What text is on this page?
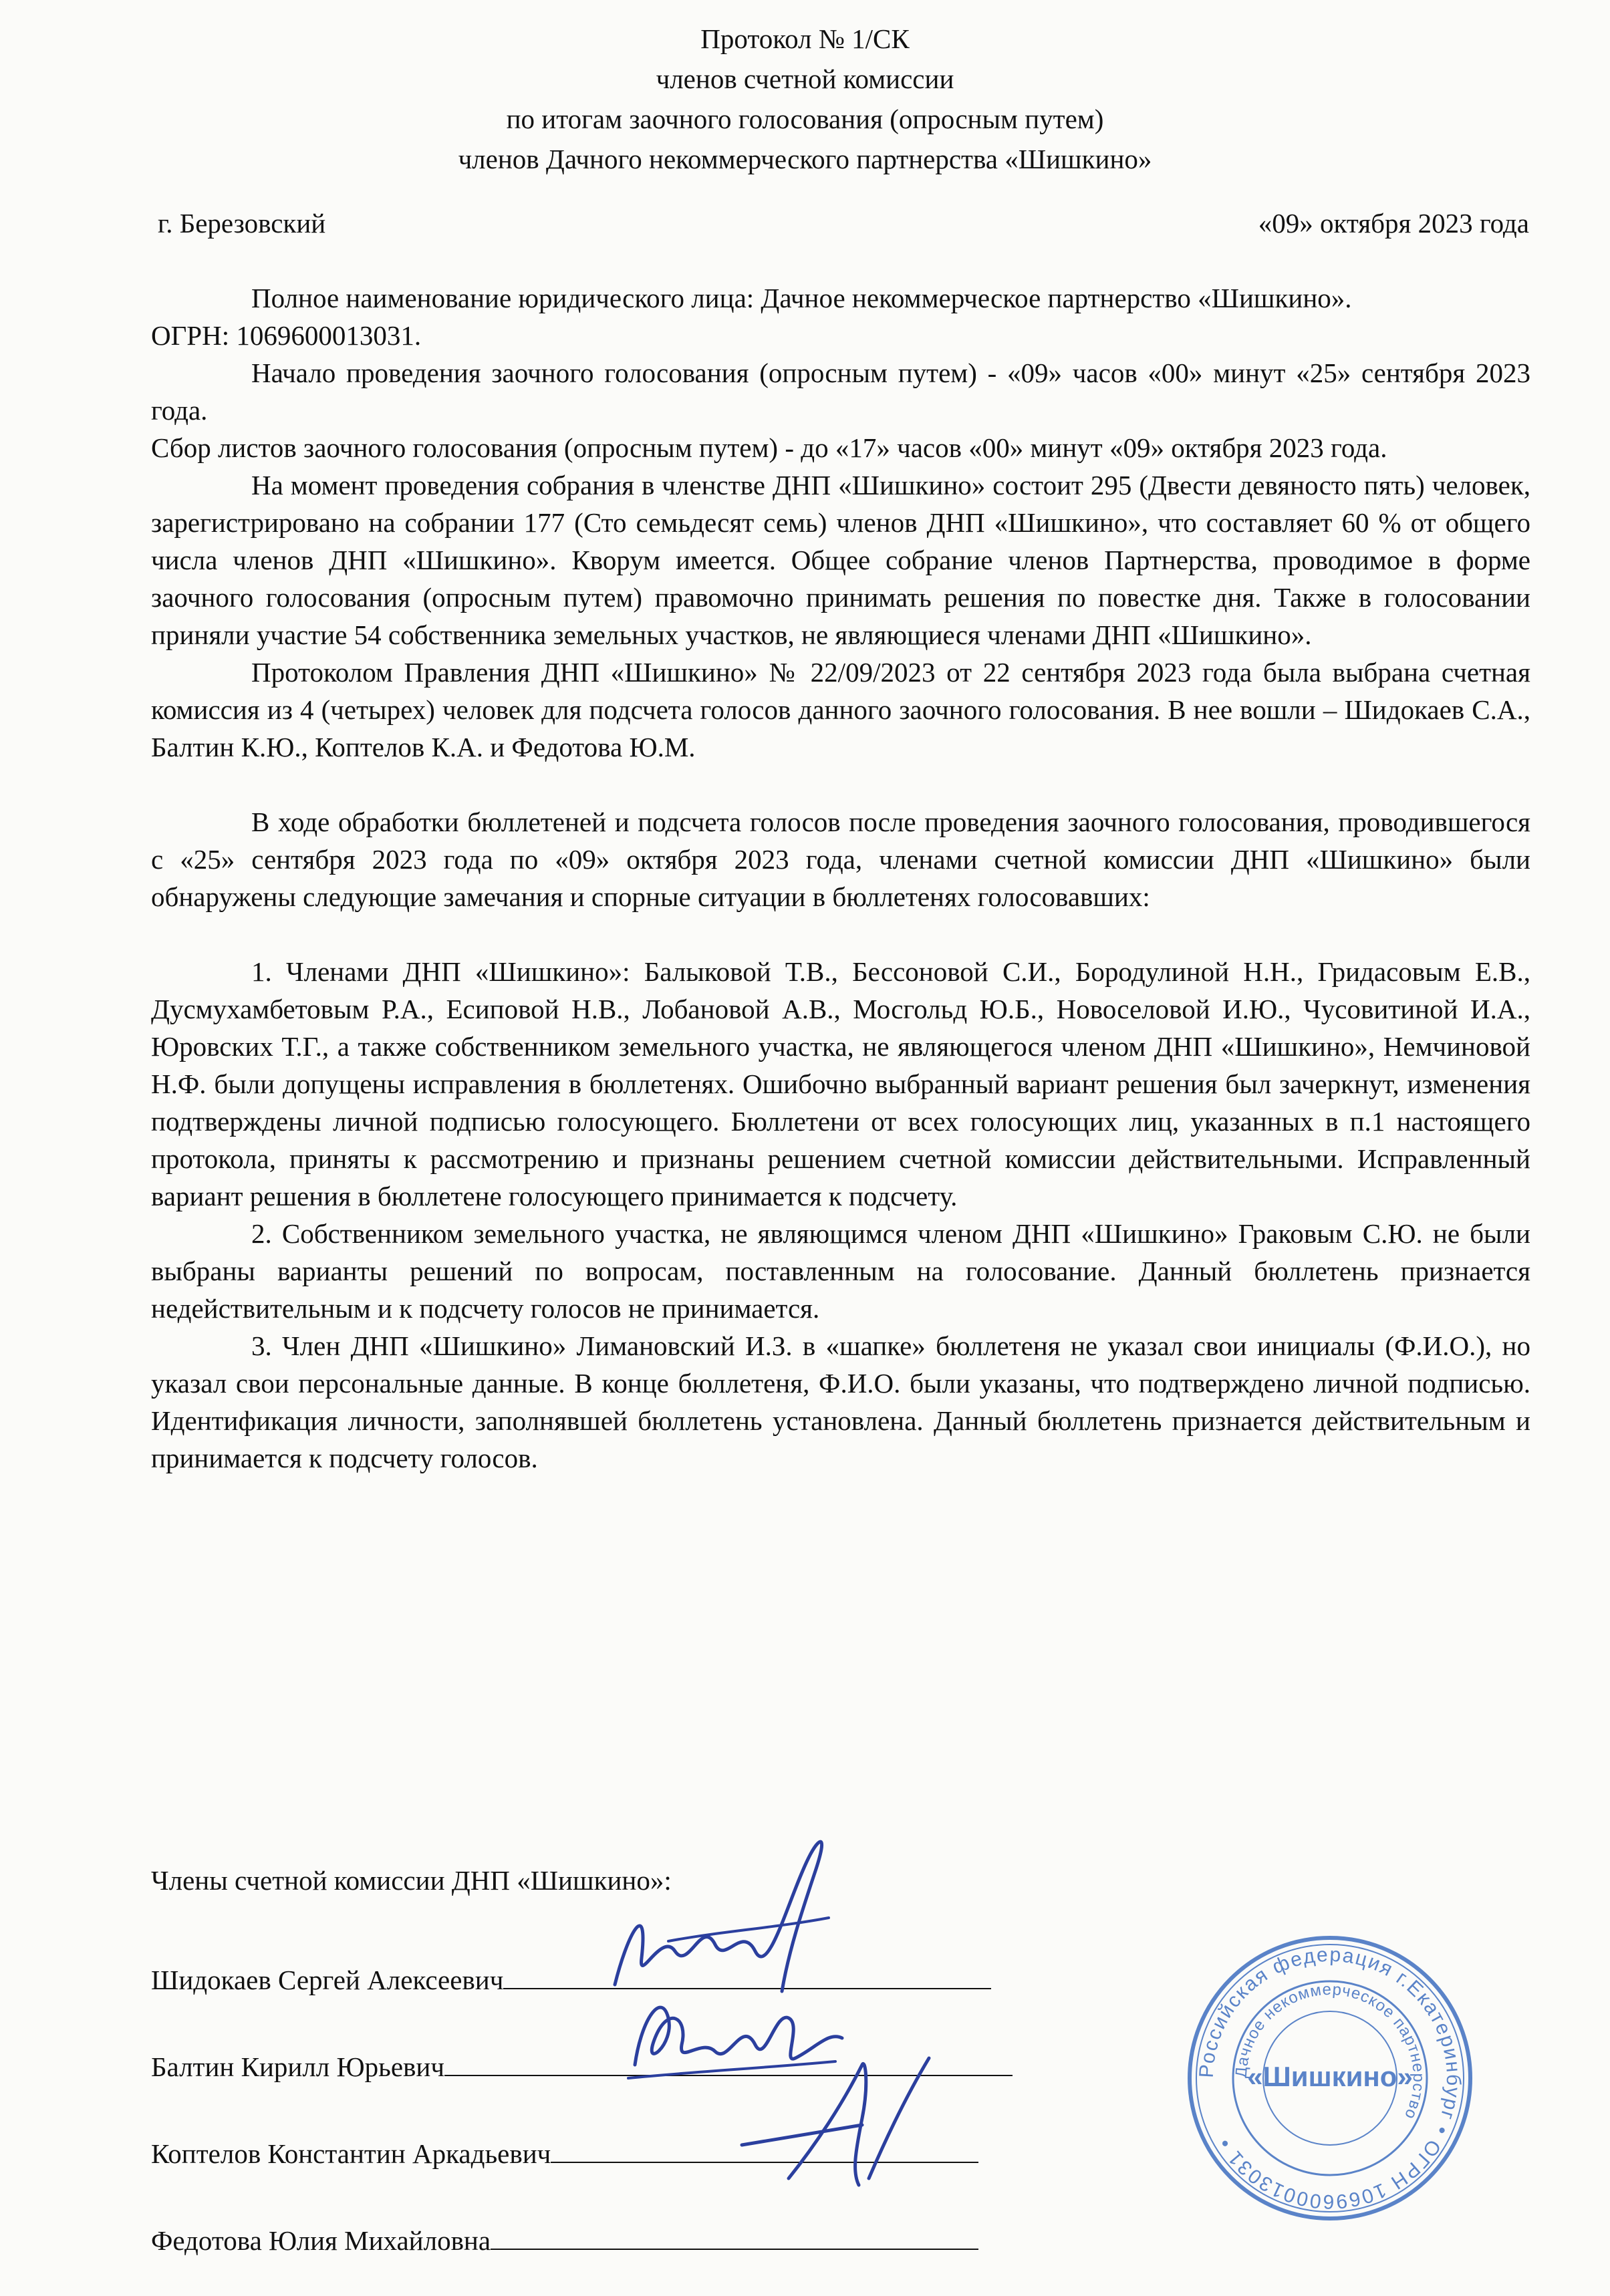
Протокол № 1/СК
членов счетной комиссии
по итогам заочного голосования (опросным путем)
членов Дачного некоммерческого партнерства «Шишкино»
г. Березовский	«09» октября 2023 года

Полное наименование юридического лица: Дачное некоммерческое партнерство «Шишкино».

ОГРН: 1069600013031.

Начало проведения заочного голосования (опросным путем) - «09» часов «00» минут «25» сентября 2023 года.

Сбор листов заочного голосования (опросным путем) - до «17» часов «00» минут «09» октября 2023 года.

На момент проведения собрания в членстве ДНП «Шишкино» состоит 295 (Двести девяносто пять) человек, зарегистрировано на собрании 177 (Сто семьдесят семь) членов ДНП «Шишкино», что составляет 60 % от общего числа членов ДНП «Шишкино». Кворум имеется. Общее собрание членов Партнерства, проводимое в форме заочного голосования (опросным путем) правомочно принимать решения по повестке дня. Также в голосовании приняли участие 54 собственника земельных участков, не являющиеся членами ДНП «Шишкино».

Протоколом Правления ДНП «Шишкино» № 22/09/2023 от 22 сентября 2023 года была выбрана счетная комиссия из 4 (четырех) человек для подсчета голосов данного заочного голосования. В нее вошли – Шидокаев С.А., Балтин К.Ю., Коптелов К.А. и Федотова Ю.М.

В ходе обработки бюллетеней и подсчета голосов после проведения заочного голосования, проводившегося с «25» сентября 2023 года по «09» октября 2023 года, членами счетной комиссии ДНП «Шишкино» были обнаружены следующие замечания и спорные ситуации в бюллетенях голосовавших:

1. Членами ДНП «Шишкино»: Балыковой Т.В., Бессоновой С.И., Бородулиной Н.Н., Гридасовым Е.В., Дусмухамбетовым Р.А., Есиповой Н.В., Лобановой А.В., Мосгольд Ю.Б., Новоселовой И.Ю., Чусовитиной И.А., Юровских Т.Г., а также собственником земельного участка, не являющегося членом ДНП «Шишкино», Немчиновой Н.Ф. были допущены исправления в бюллетенях. Ошибочно выбранный вариант решения был зачеркнут, изменения подтверждены личной подписью голосующего. Бюллетени от всех голосующих лиц, указанных в п.1 настоящего протокола, приняты к рассмотрению и признаны решением счетной комиссии действительными. Исправленный вариант решения в бюллетене голосующего принимается к подсчету.

2. Собственником земельного участка, не являющимся членом ДНП «Шишкино» Граковым С.Ю. не были выбраны варианты решений по вопросам, поставленным на голосование. Данный бюллетень признается недействительным и к подсчету голосов не принимается.

3. Член ДНП «Шишкино» Лимановский И.З. в «шапке» бюллетеня не указал свои инициалы (Ф.И.О.), но указал свои персональные данные. В конце бюллетеня, Ф.И.О. были указаны, что подтверждено личной подписью. Идентификация личности, заполнявшей бюллетень установлена. Данный бюллетень признается действительным и принимается к подсчету голосов.

Члены счетной комиссии ДНП «Шишкино»:
Шидокаев Сергей Алексеевич
Балтин Кирилл Юрьевич
Коптелов Константин Аркадьевич
Федотова Юлия Михайловна
Российская федерация г.Екатеринбург • ОГРН 1069600013031 •
Дачное некоммерческое партнерство
«Шишкино»
